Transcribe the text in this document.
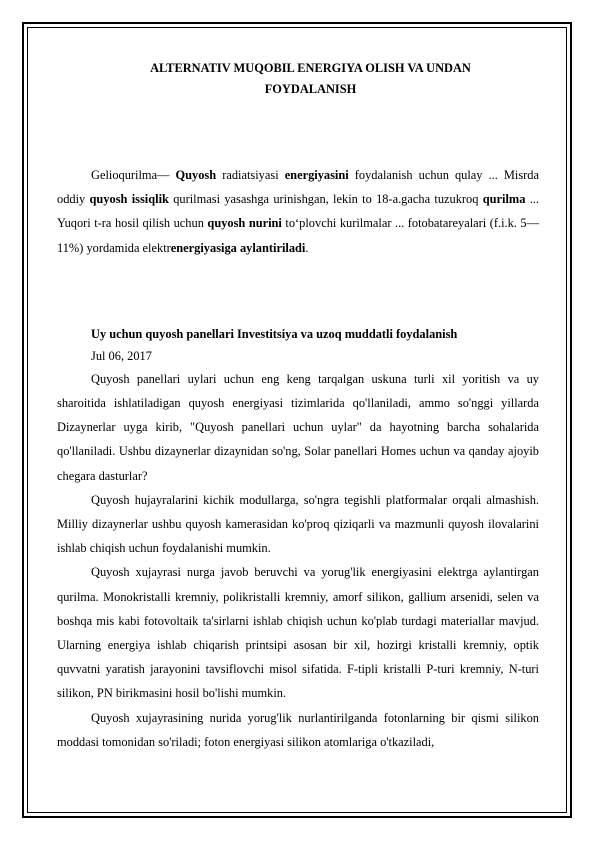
ALTERNATIV MUQOBIL ENERGIYA OLISH VA UNDAN
FOYDALANISH

Gelioqurilma— Quyosh radiatsiyasi energiyasini foydalanish uchun qulay ... Misrda oddiy quyosh issiqlik qurilmasi yasashga urinishgan, lekin to 18-a.gacha tuzukroq qurilma ... Yuqori t-ra hosil qilish uchun quyosh nurini to‘plovchi kurilmalar ... fotobatareyalari (f.i.k. 5—11%) yordamida elektrenergiyasiga aylantiriladi.

Uy uchun quyosh panellari Investitsiya va uzoq muddatli foydalanish

Jul 06, 2017

Quyosh panellari uylari uchun eng keng tarqalgan uskuna turli xil yoritish va uy sharoitida ishlatiladigan quyosh energiyasi tizimlarida qo'llaniladi, ammo so'nggi yillarda Dizaynerlar uyga kirib, "Quyosh panellari uchun uylar" da hayotning barcha sohalarida qo'llaniladi. Ushbu dizaynerlar dizaynidan so'ng, Solar panellari Homes uchun va qanday ajoyib chegara dasturlar?

Quyosh hujayralarini kichik modullarga, so'ngra tegishli platformalar orqali almashish. Milliy dizaynerlar ushbu quyosh kamerasidan ko'proq qiziqarli va mazmunli quyosh ilovalarini ishlab chiqish uchun foydalanishi mumkin.

Quyosh xujayrasi nurga javob beruvchi va yorug'lik energiyasini elektrga aylantirgan qurilma. Monokristalli kremniy, polikristalli kremniy, amorf silikon, gallium arsenidi, selen va boshqa mis kabi fotovoltaik ta'sirlarni ishlab chiqish uchun ko'plab turdagi materiallar mavjud. Ularning energiya ishlab chiqarish printsipi asosan bir xil, hozirgi kristalli kremniy, optik quvvatni yaratish jarayonini tavsiflovchi misol sifatida. F-tipli kristalli P-turi kremniy, N-turi silikon, PN birikmasini hosil bo'lishi mumkin.

Quyosh xujayrasining nurida yorug'lik nurlantirilganda fotonlarning bir qismi silikon moddasi tomonidan so'riladi; foton energiyasi silikon atomlariga o'tkaziladi,
